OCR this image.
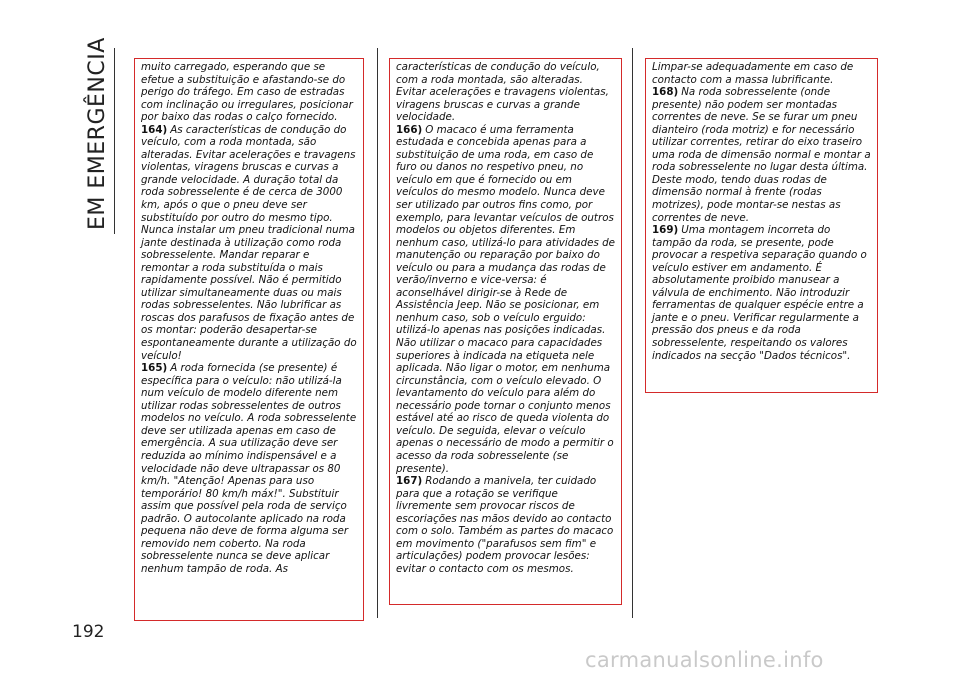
EM EMERGÊNCIA
192

muito carregado, esperando que se efetue a substituição e afastando-se do perigo do tráfego. Em caso de estradas com inclinação ou irregulares, posicionar por baixo das rodas o calço fornecido.

164) As características de condução do veículo, com a roda montada, são alteradas. Evitar acelerações e travagens violentas, viragens bruscas e curvas a grande velocidade. A duração total da roda sobresselente é de cerca de 3000 km, após o que o pneu deve ser substituído por outro do mesmo tipo. Nunca instalar um pneu tradicional numa jante destinada à utilização como roda sobresselente. Mandar reparar e remontar a roda substituída o mais rapidamente possível. Não é permitido utilizar simultaneamente duas ou mais rodas sobresselentes. Não lubrificar as roscas dos parafusos de fixação antes de os montar: poderão desapertar-se espontaneamente durante a utilização do veículo!

165) A roda fornecida (se presente) é específica para o veículo: não utilizá-la num veículo de modelo diferente nem utilizar rodas sobresselentes de outros modelos no veículo. A roda sobresselente deve ser utilizada apenas em caso de emergência. A sua utilização deve ser reduzida ao mínimo indispensável e a velocidade não deve ultrapassar os 80 km/h. "Atenção! Apenas para uso temporário! 80 km/h máx!". Substituir assim que possível pela roda de serviço padrão. O autocolante aplicado na roda pequena não deve de forma alguma ser removido nem coberto. Na roda sobresselente nunca se deve aplicar nenhum tampão de roda. As

características de condução do veículo, com a roda montada, são alteradas. Evitar acelerações e travagens violentas, viragens bruscas e curvas a grande velocidade.

166) O macaco é uma ferramenta estudada e concebida apenas para a substituição de uma roda, em caso de furo ou danos no respetivo pneu, no veículo em que é fornecido ou em veículos do mesmo modelo. Nunca deve ser utilizado par outros fins como, por exemplo, para levantar veículos de outros modelos ou objetos diferentes. Em nenhum caso, utilizá-lo para atividades de manutenção ou reparação por baixo do veículo ou para a mudança das rodas de verão/inverno e vice-versa: é aconselhável dirigir-se à Rede de Assistência Jeep. Não se posicionar, em nenhum caso, sob o veículo erguido: utilizá-lo apenas nas posições indicadas. Não utilizar o macaco para capacidades superiores à indicada na etiqueta nele aplicada. Não ligar o motor, em nenhuma circunstância, com o veículo elevado. O levantamento do veículo para além do necessário pode tornar o conjunto menos estável até ao risco de queda violenta do veículo. De seguida, elevar o veículo apenas o necessário de modo a permitir o acesso da roda sobresselente (se presente).

167) Rodando a manivela, ter cuidado para que a rotação se verifique livremente sem provocar riscos de escoriações nas mãos devido ao contacto com o solo. Também as partes do macaco em movimento ("parafusos sem fim" e articulações) podem provocar lesões: evitar o contacto com os mesmos.

Limpar-se adequadamente em caso de contacto com a massa lubrificante.

168) Na roda sobresselente (onde presente) não podem ser montadas correntes de neve. Se se furar um pneu dianteiro (roda motriz) e for necessário utilizar correntes, retirar do eixo traseiro uma roda de dimensão normal e montar a roda sobresselente no lugar desta última. Deste modo, tendo duas rodas de dimensão normal à frente (rodas motrizes), pode montar-se nestas as correntes de neve.

169) Uma montagem incorreta do tampão da roda, se presente, pode provocar a respetiva separação quando o veículo estiver em andamento. É absolutamente proibido manusear a válvula de enchimento. Não introduzir ferramentas de qualquer espécie entre a jante e o pneu. Verificar regularmente a pressão dos pneus e da roda sobresselente, respeitando os valores indicados na secção "Dados técnicos".

carmanualsonline.info
